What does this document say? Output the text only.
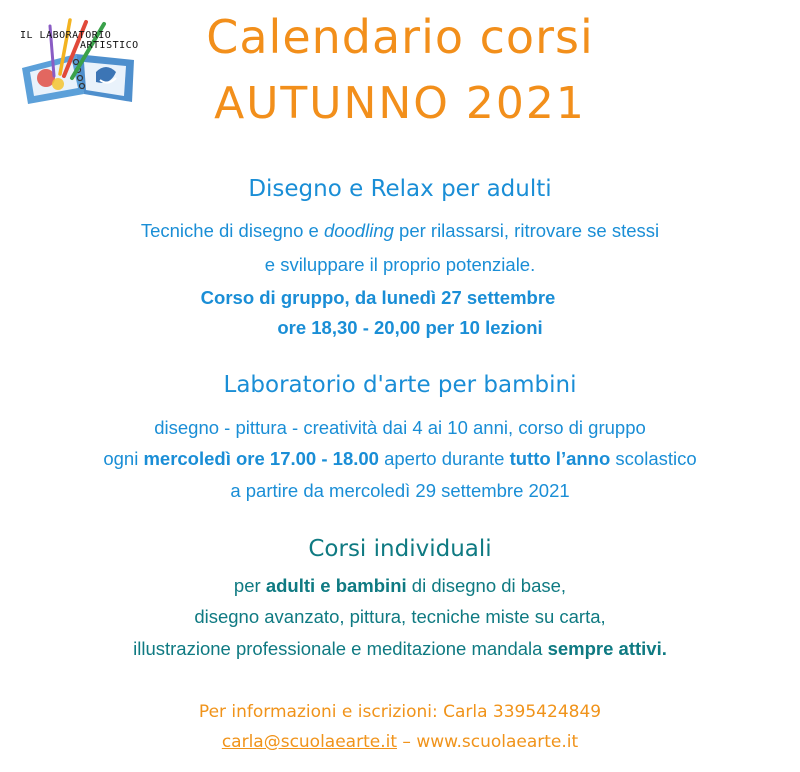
IL LABORATORIO
ARTISTICO	Calendario corsi
AUTUNNO 2021
Disegno e Relax per adulti
Tecniche di disegno e doodling per rilassarsi, ritrovare se stessi
e sviluppare il proprio potenziale.
Corso di gruppo, da lunedì 27 settembre
ore 18,30 - 20,00 per 10 lezioni
Laboratorio d'arte per bambini
disegno - pittura - creatività dai 4 ai 10 anni, corso di gruppo
ogni mercoledì ore 17.00 - 18.00 aperto durante tutto l’anno scolastico
a partire da mercoledì 29 settembre 2021
Corsi individuali
per adulti e bambini di disegno di base,
disegno avanzato, pittura, tecniche miste su carta,
illustrazione professionale e meditazione mandala sempre attivi.
Per informazioni e iscrizioni: Carla 3395424849
carla@scuolaearte.it – www.scuolaearte.it
